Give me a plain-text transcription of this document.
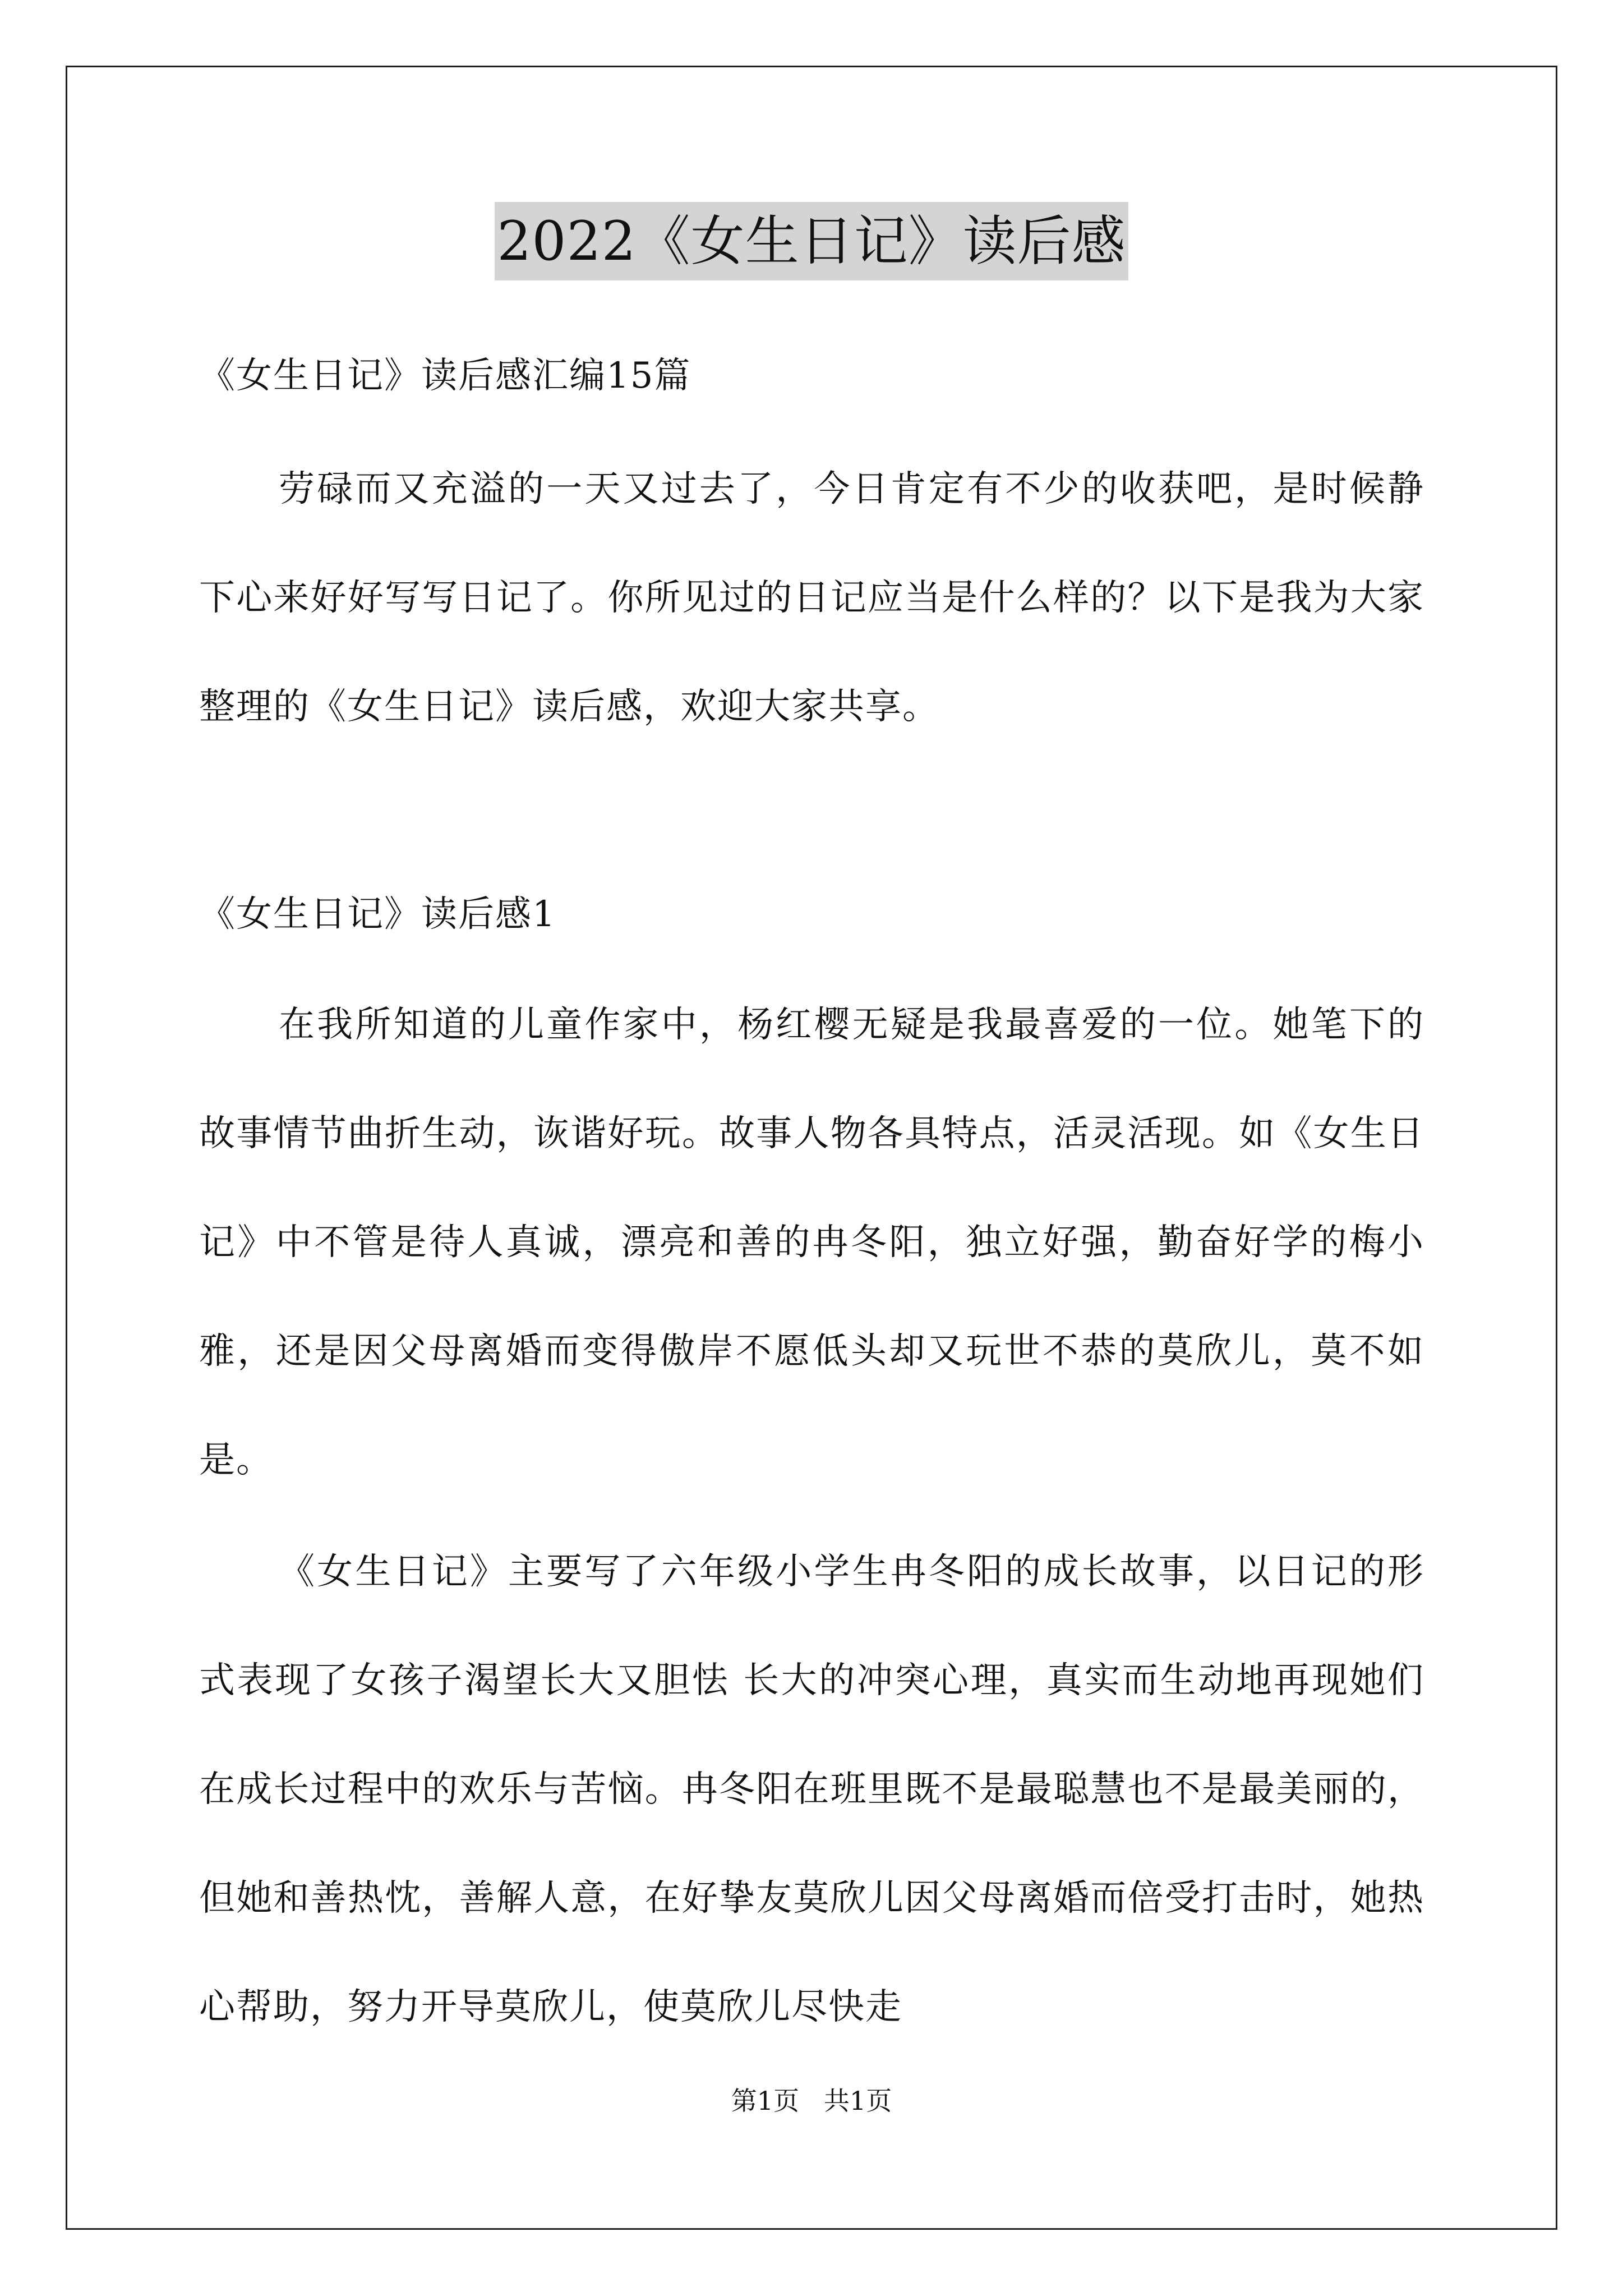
2022《女生日记》读后感

《女生日记》读后感汇编15篇

劳碌而又充溢的一天又过去了，今日肯定有不少的收获吧，是时候静下心来好好写写日记了。你所见过的日记应当是什么样的？以下是我为大家整理的《女生日记》读后感，欢迎大家共享。

《女生日记》读后感1

在我所知道的儿童作家中，杨红樱无疑是我最喜爱的一位。她笔下的故事情节曲折生动，诙谐好玩。故事人物各具特点，活灵活现。如《女生日记》中不管是待人真诚，漂亮和善的冉冬阳，独立好强，勤奋好学的梅小雅，还是因父母离婚而变得傲岸不愿低头却又玩世不恭的莫欣儿，莫不如是。

《女生日记》主要写了六年级小学生冉冬阳的成长故事，以日记的形式表现了女孩子渴望长大又胆怯 长大的冲突心理，真实而生动地再现她们在成长过程中的欢乐与苦恼。冉冬阳在班里既不是最聪慧也不是最美丽的，但她和善热忱，善解人意，在好挚友莫欣儿因父母离婚而倍受打击时，她热心帮助，努力开导莫欣儿，使莫欣儿尽快走

第1页   共1页
